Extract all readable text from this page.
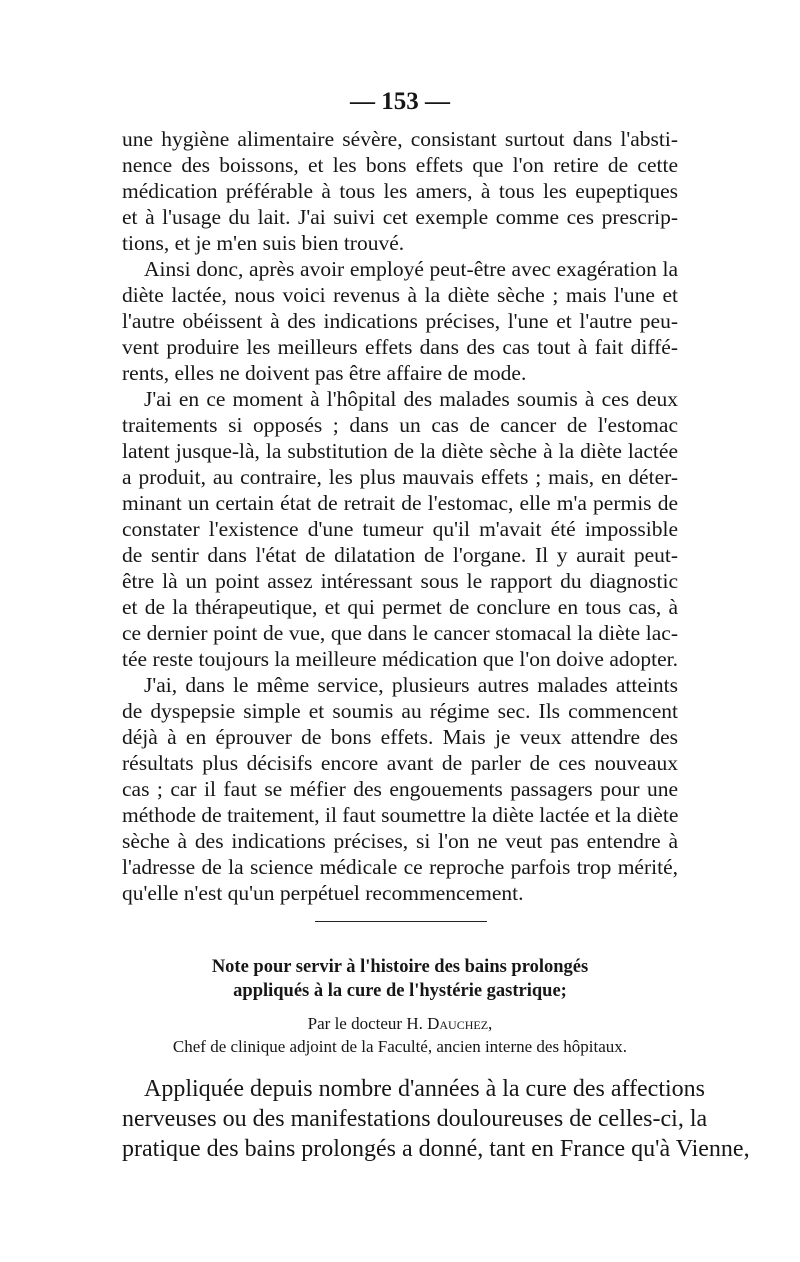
— 153 —
une hygiène alimentaire sévère, consistant surtout dans l'absti-
nence des boissons, et les bons effets que l'on retire de cette
médication préférable à tous les amers, à tous les eupeptiques
et à l'usage du lait. J'ai suivi cet exemple comme ces prescrip-
tions, et je m'en suis bien trouvé.
Ainsi donc, après avoir employé peut-être avec exagération la
diète lactée, nous voici revenus à la diète sèche ; mais l'une et
l'autre obéissent à des indications précises, l'une et l'autre peu-
vent produire les meilleurs effets dans des cas tout à fait diffé-
rents, elles ne doivent pas être affaire de mode.
J'ai en ce moment à l'hôpital des malades soumis à ces deux
traitements si opposés ; dans un cas de cancer de l'estomac
latent jusque-là, la substitution de la diète sèche à la diète lactée
a produit, au contraire, les plus mauvais effets ; mais, en déter-
minant un certain état de retrait de l'estomac, elle m'a permis de
constater l'existence d'une tumeur qu'il m'avait été impossible
de sentir dans l'état de dilatation de l'organe. Il y aurait peut-
être là un point assez intéressant sous le rapport du diagnostic
et de la thérapeutique, et qui permet de conclure en tous cas, à
ce dernier point de vue, que dans le cancer stomacal la diète lac-
tée reste toujours la meilleure médication que l'on doive adopter.
J'ai, dans le même service, plusieurs autres malades atteints
de dyspepsie simple et soumis au régime sec. Ils commencent
déjà à en éprouver de bons effets. Mais je veux attendre des
résultats plus décisifs encore avant de parler de ces nouveaux
cas ; car il faut se méfier des engouements passagers pour une
méthode de traitement, il faut soumettre la diète lactée et la diète
sèche à des indications précises, si l'on ne veut pas entendre à
l'adresse de la science médicale ce reproche parfois trop mérité,
qu'elle n'est qu'un perpétuel recommencement.
Note pour servir à l'histoire des bains prolongés
appliqués à la cure de l'hystérie gastrique;
Par le docteur H. Dauchez,
Chef de clinique adjoint de la Faculté, ancien interne des hôpitaux.
Appliquée depuis nombre d'années à la cure des affections
nerveuses ou des manifestations douloureuses de celles-ci, la
pratique des bains prolongés a donné, tant en France qu'à Vienne,
